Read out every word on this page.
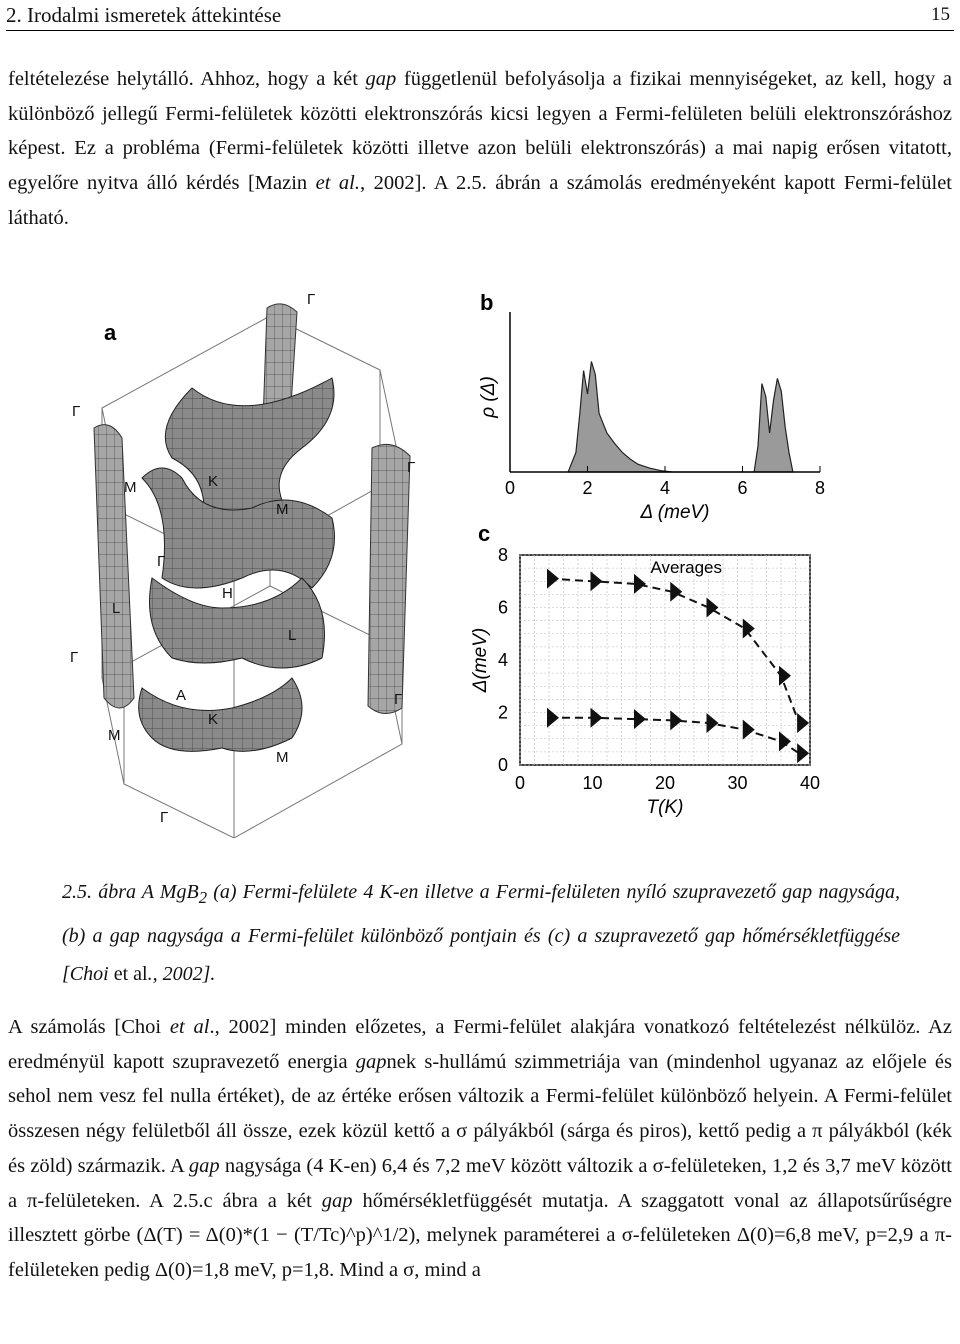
2. Irodalmi ismeretek áttekintése	15
feltételezése helytálló. Ahhoz, hogy a két gap függetlenül befolyásolja a fizikai mennyiségeket, az kell, hogy a különböző jellegű Fermi-felületek közötti elektronszórás kicsi legyen a Fermi-felületen belüli elektronszóráshoz képest. Ez a probléma (Fermi-felületek közötti illetve azon belüli elektronszórás) a mai napig erősen vitatott, egyelőre nyitva álló kérdés [Mazin et al., 2002]. A 2.5. ábrán a számolás eredményeként kapott Fermi-felület látható.
a
Γ
Γ
Γ
Γ
Γ
Γ
Γ
M
M
M
M
K
K
H
L
L
A
b
0	2	4	6	8
Δ (meV)
ρ (Δ)
c
0	10	20	30	40
0
2
4
6
8
T(K)
Δ(meV)
Averages
2.5. ábra A MgB$_2$ (a) Fermi-felülete 4 K-en illetve a Fermi-felületen nyíló szupravezető gap nagysága, (b) a gap nagysága a Fermi-felület különböző pontjain és (c) a szupravezető gap hőmérsékletfüggése [Choi et al., 2002].
A számolás [Choi et al., 2002] minden előzetes, a Fermi-felület alakjára vonatkozó feltételezést nélkülöz. Az eredményül kapott szupravezető energia gapnek s-hullámú szimmetriája van (mindenhol ugyanaz az előjele és sehol nem vesz fel nulla értéket), de az értéke erősen változik a Fermi-felület különböző helyein. A Fermi-felület összesen négy felületből áll össze, ezek közül kettő a σ pályákból (sárga és piros), kettő pedig a π pályákból (kék és zöld) származik. A gap nagysága (4 K-en) 6,4 és 7,2 meV között változik a σ-felületeken, 1,2 és 3,7 meV között a π-felületeken. A 2.5.c ábra a két gap hőmérsékletfüggését mutatja. A szaggatott vonal az állapotsűrűségre illesztett görbe (Δ(T) = Δ(0)*(1 − (T/Tc)^p)^1/2), melynek paraméterei a σ-felületeken Δ(0)=6,8 meV, p=2,9 a π-felületeken pedig Δ(0)=1,8 meV, p=1,8. Mind a σ, mind a
